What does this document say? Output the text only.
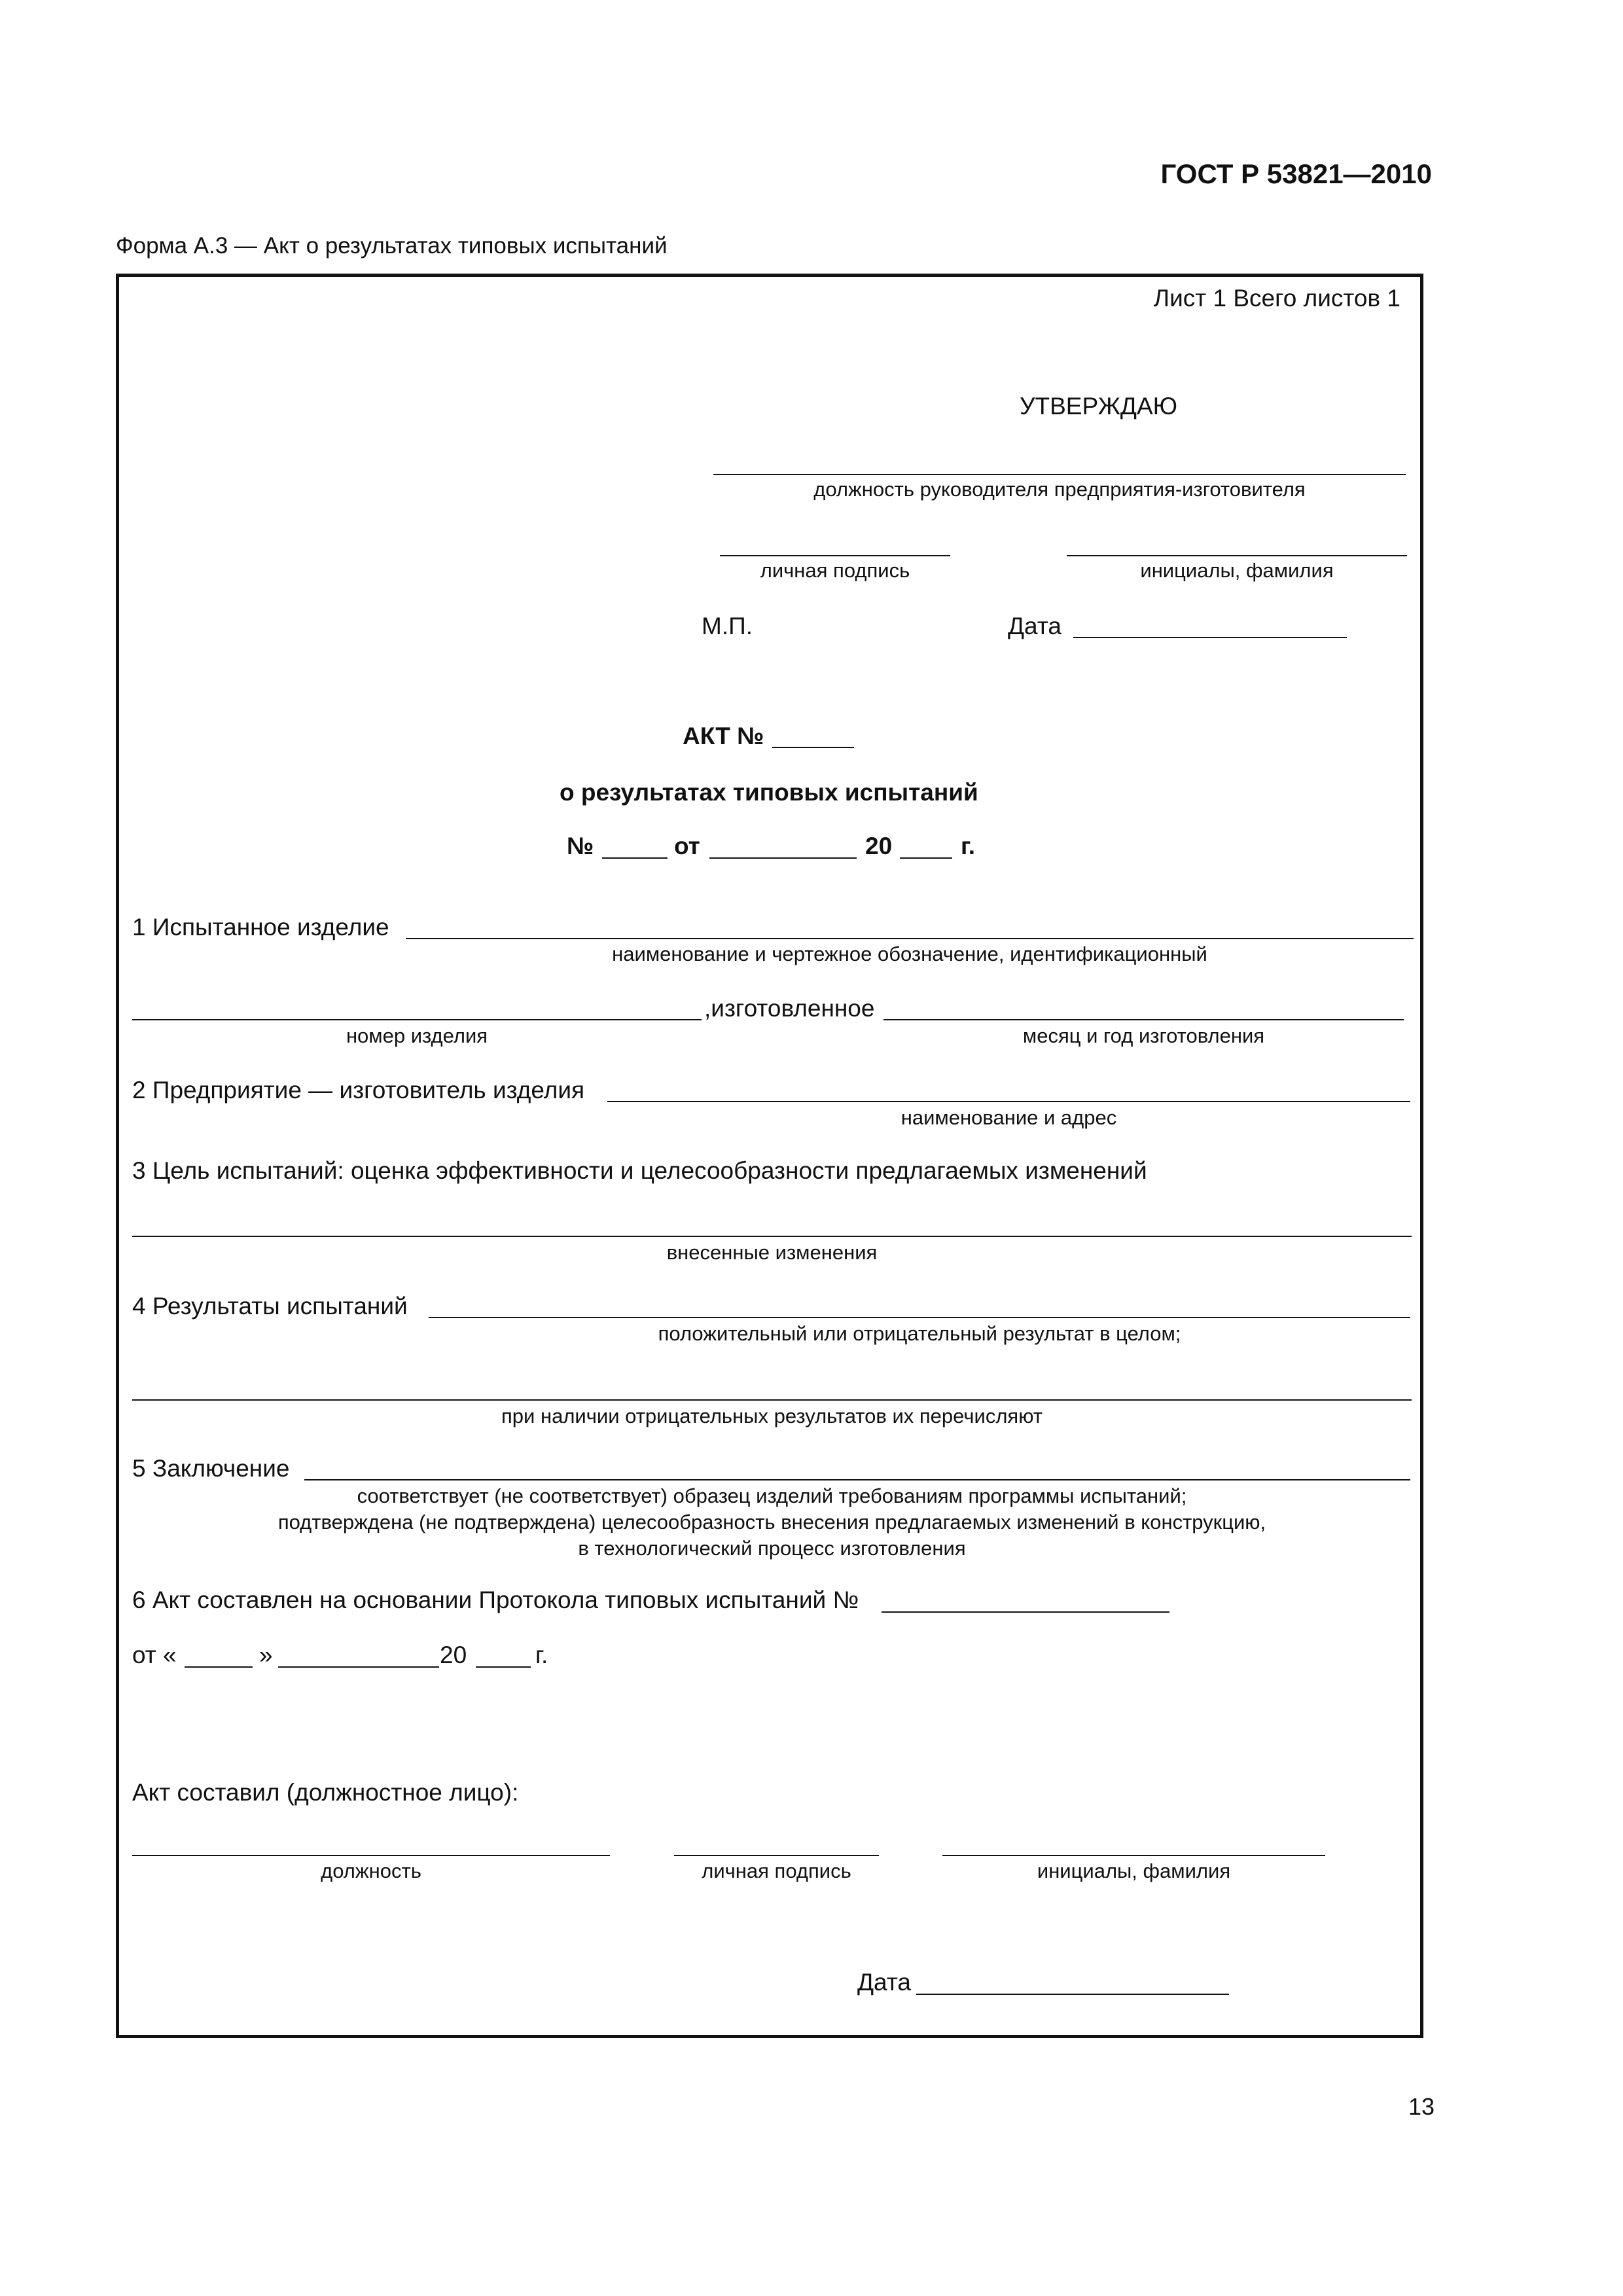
ГОСТ Р 53821—2010
Форма А.3 — Акт о результатах типовых испытаний
Лист 1 Всего листов 1
УТВЕРЖДАЮ
должность руководителя предприятия-изготовителя
личная подпись	инициалы, фамилия
М.П.	Дата
АКТ №
о результатах типовых испытаний
№	от	20	г.
1 Испытанное изделие
наименование и чертежное обозначение, идентификационный
,изготовленное
номер изделия	месяц и год изготовления
2 Предприятие — изготовитель изделия
наименование и адрес
3 Цель испытаний: оценка эффективности и целесообразности предлагаемых изменений
внесенные изменения
4 Результаты испытаний
положительный или отрицательный результат в целом;
при наличии отрицательных результатов их перечисляют
5 Заключение
соответствует (не соответствует) образец изделий требованиям программы испытаний;
подтверждена (не подтверждена) целесообразность внесения предлагаемых изменений в конструкцию,
в технологический процесс изготовления
6 Акт составлен на основании Протокола типовых испытаний №
от «	»	20	г.
Акт составил (должностное лицо):
должность	личная подпись	инициалы, фамилия
Дата
13
